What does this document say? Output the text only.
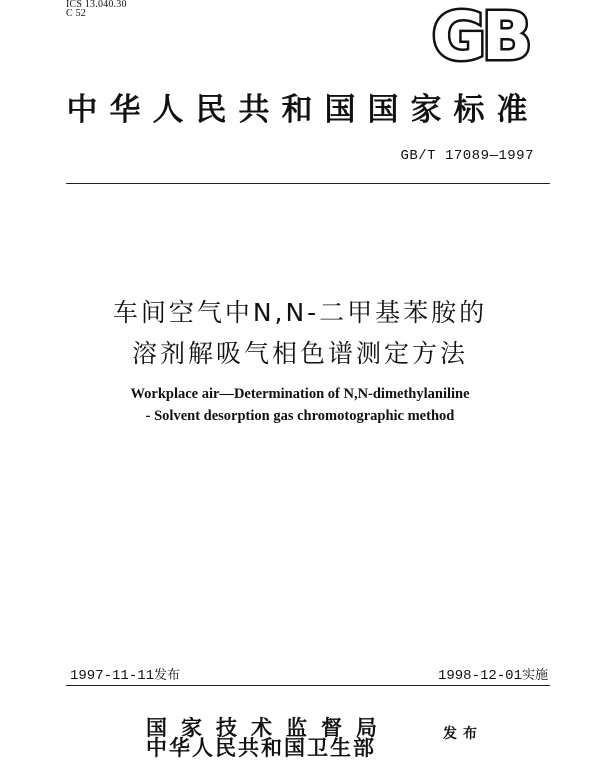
ICS 13.040.30
C 52	GB
中华人民共和国国家标准
GB/T 17089—1997
车间空气中N,N-二甲基苯胺的
溶剂解吸气相色谱测定方法
Workplace air—Determination of N,N-dimethylaniline
- Solvent desorption gas chromotographic method
1997-11-11发布	1998-12-01实施
国家技术监督局
中华人民共和国卫生部
发布
